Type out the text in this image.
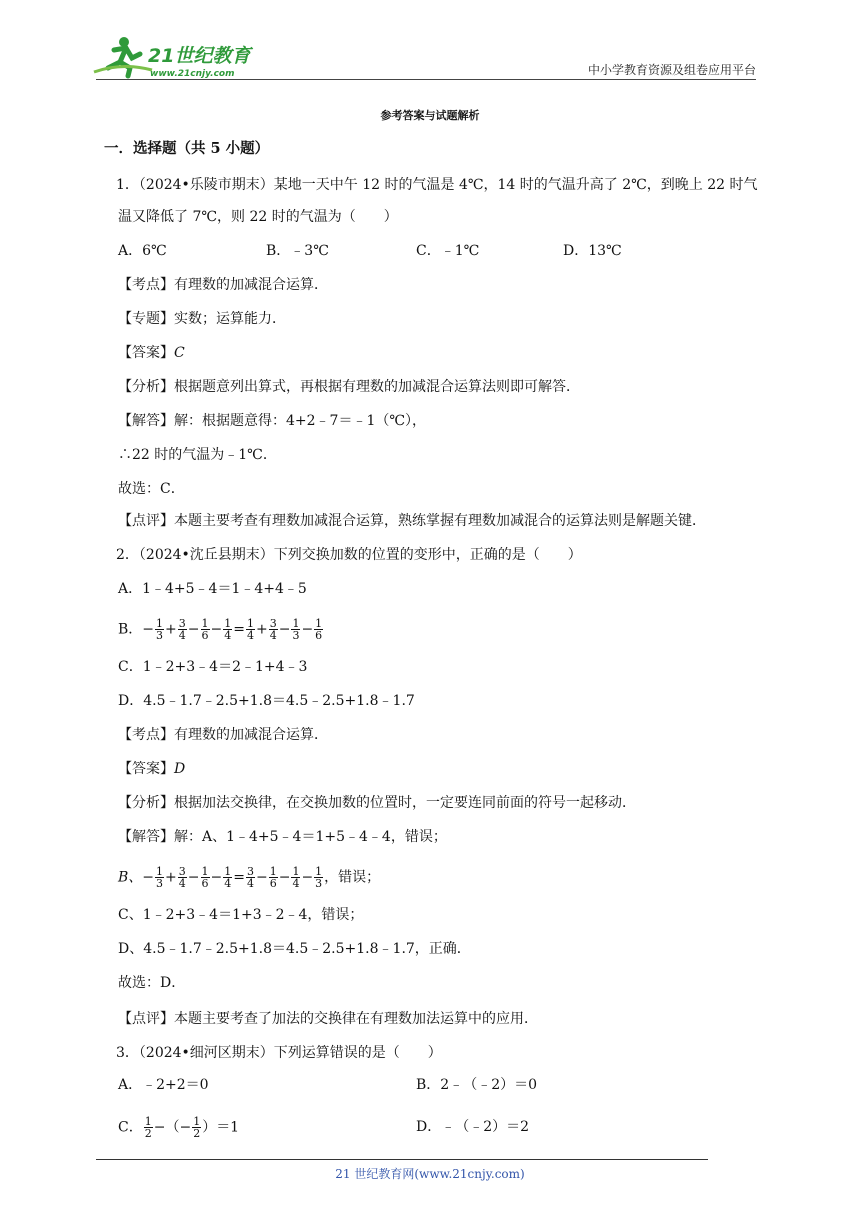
21世纪教育
www.21cnjy.com	中小学教育资源及组卷应用平台
参考答案与试题解析
一．选择题（共 5 小题）
1．（2024•乐陵市期末）某地一天中午 12 时的气温是 4℃，14 时的气温升高了 2℃，到晚上 22 时气
温又降低了 7℃，则 22 时的气温为（　　）
A．6℃	B．﹣3℃	C．﹣1℃	D．13℃
【考点】有理数的加减混合运算．
【专题】实数；运算能力．
【答案】C
【分析】根据题意列出算式，再根据有理数的加减混合运算法则即可解答．
【解答】解：根据题意得：4+2﹣7＝﹣1（℃），
∴22 时的气温为﹣1℃．
故选：C．
【点评】本题主要考查有理数加减混合运算，熟练掌握有理数加减混合的运算法则是解题关键．
2．（2024•沈丘县期末）下列交换加数的位置的变形中，正确的是（　　）
A．1﹣4+5﹣4＝1﹣4+4﹣5
B．− $\frac{1}{3} + \frac{3}{4} - \frac{1}{6} - \frac{1}{4} = \frac{1}{4} + \frac{3}{4} - \frac{1}{3} - \frac{1}{6}$
C．1﹣2+3﹣4＝2﹣1+4﹣3
D．4.5﹣1.7﹣2.5+1.8＝4.5﹣2.5+1.8﹣1.7
【考点】有理数的加减混合运算．
【答案】D
【分析】根据加法交换律，在交换加数的位置时，一定要连同前面的符号一起移动．
【解答】解：A、1﹣4+5﹣4＝1+5﹣4﹣4，错误；
B、− $\frac{1}{3} + \frac{3}{4} - \frac{1}{6} - \frac{1}{4} = \frac{3}{4} - \frac{1}{6} - \frac{1}{4} - \frac{1}{3}$ ，错误；
C、1﹣2+3﹣4＝1+3﹣2﹣4，错误；
D、4.5﹣1.7﹣2.5+1.8＝4.5﹣2.5+1.8﹣1.7，正确．
故选：D．
【点评】本题主要考查了加法的交换律在有理数加法运算中的应用．
3．（2024•细河区期末）下列运算错误的是（　　）
A．﹣2+2＝0	B．2﹣（﹣2）＝0
C． $\frac{1}{2}$ −（− $\frac{1}{2} )=1$	D．﹣（﹣2）＝2
21 世纪教育网(www.21cnjy.com)
